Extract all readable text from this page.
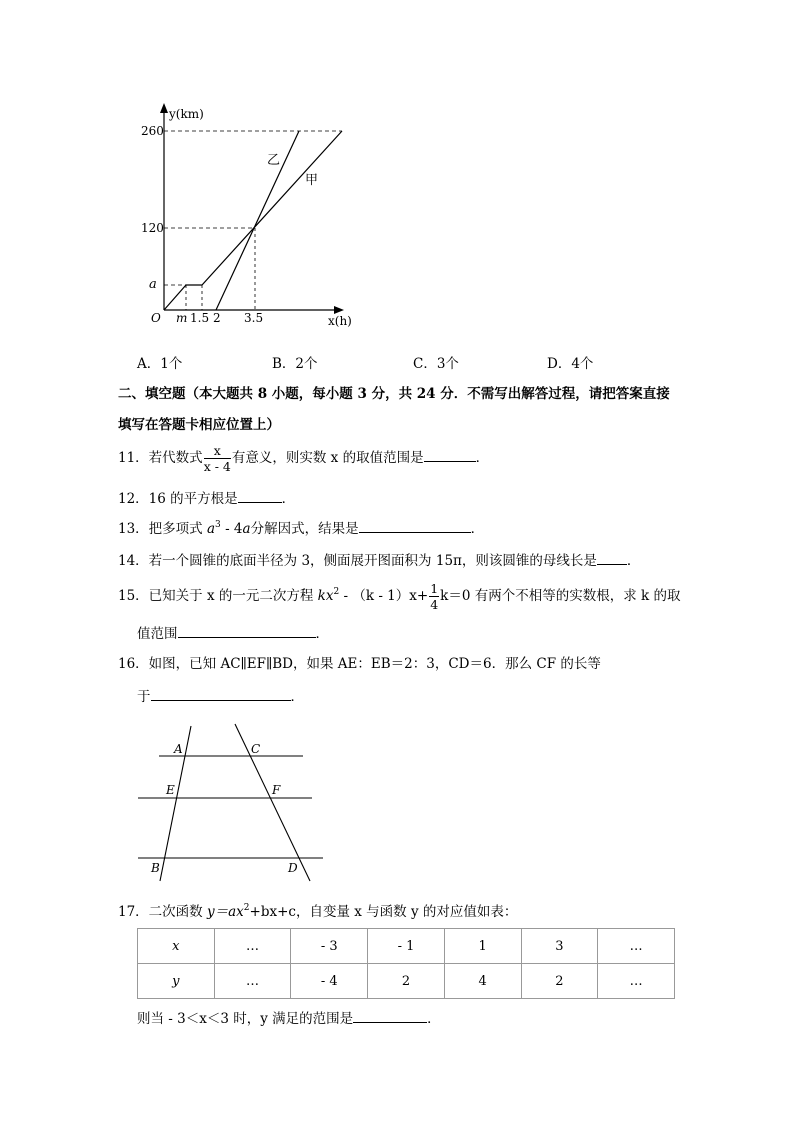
y(km)
x(h)
O
260
120
a
m 1.5 2 3.5
乙
甲
A．1个	B．2个	C．3个	D．4个
二、填空题（本大题共 8 小题，每小题 3 分，共 24 分．不需写出解答过程，请把答案直接
填写在答题卡相应位置上）
11．若代数式 $\frac{x}{x - 4}$ 有意义，则实数 x 的取值范围是	．
12．16 的平方根是	．
13．把多项式 $a^3 - 4a$分解因式，结果是	．
14．若一个圆锥的底面半径为 3，侧面展开图面积为 15π，则该圆锥的母线长是 ．
15．已知关于 x 的一元二次方程 $kx^2 - (k - 1)x+ \frac{1}{4} k=0$ 有两个不相等的实数根，求 k 的取
值范围	．
16．如图，已知 AC∥EF∥BD，如果 AE：EB＝2：3，CD＝6．那么 CF 的长等
于	．
A	C
E	F
B	D
17．二次函数 $y=ax^2+bx+c$，自变量 x 与函数 y 的对应值如表：
x	…	- 3	- 1	1	3	…
y	…	- 4	2	4	2	…
则当 - 3＜x＜3 时，y 满足的范围是	．
